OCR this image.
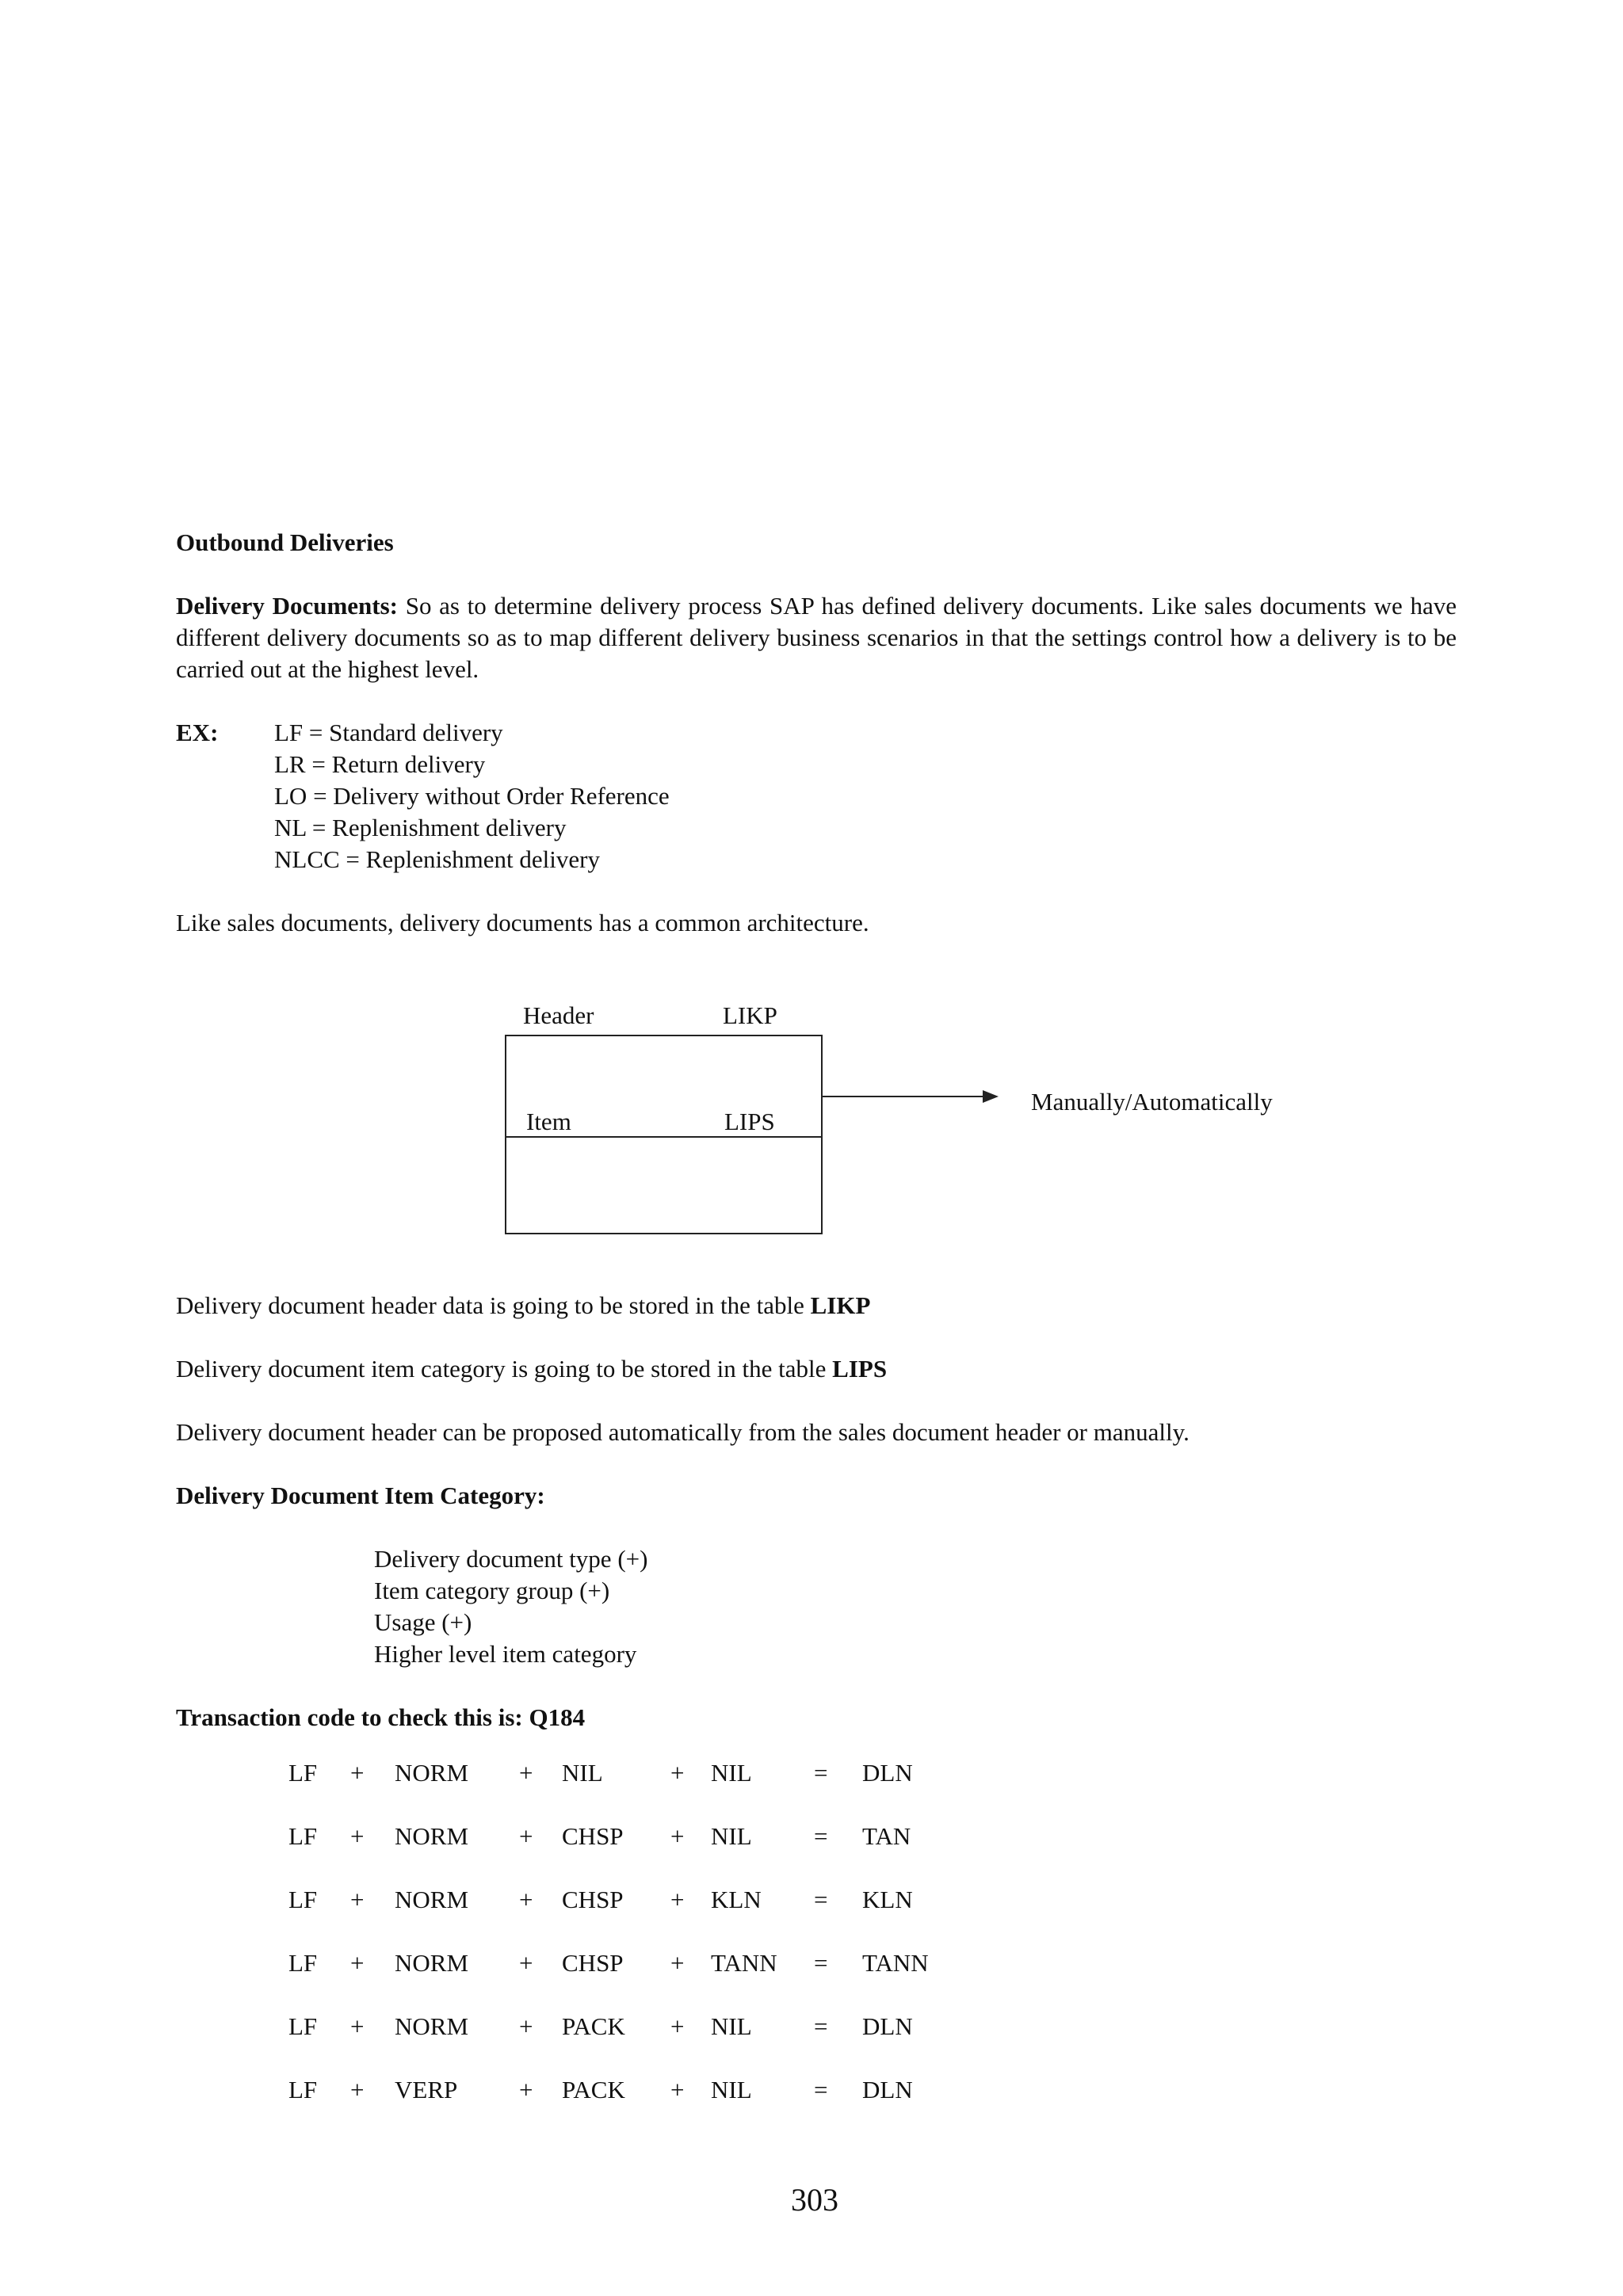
Outbound Deliveries
Delivery Documents: So as to determine delivery process SAP has defined delivery documents. Like sales documents we have different delivery documents so as to map different delivery business scenarios in that the settings control how a delivery is to be carried out at the highest level.
EX: LF = Standard delivery
LR = Return delivery
LO = Delivery without Order Reference
NL = Replenishment delivery
NLCC = Replenishment delivery
Like sales documents, delivery documents has a common architecture.
Header	LIKP
Item	LIPS
Manually/Automatically
Delivery document header data is going to be stored in the table LIKP
Delivery document item category is going to be stored in the table LIPS
Delivery document header can be proposed automatically from the sales document header or manually.
Delivery Document Item Category:
Delivery document type (+)
Item category group (+)
Usage (+)
Higher level item category
Transaction code to check this is: Q184
LF + NORM + NIL	+ NIL	= DLN
LF + NORM + CHSP + NIL	= TAN
LF + NORM + CHSP + KLN = KLN
LF + NORM + CHSP + TANN = TANN
LF + NORM + PACK + NIL	= DLN
LF + VERP	+ PACK + NIL	= DLN
303
